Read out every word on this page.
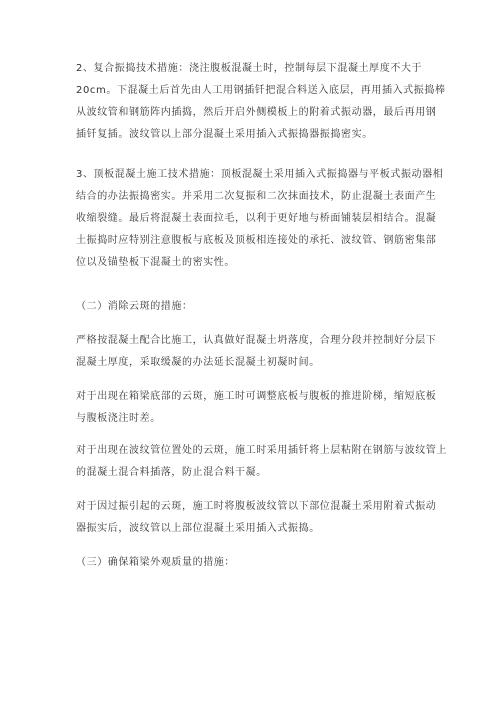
2、复合振捣技术措施：浇注腹板混凝土时，控制每层下混凝土厚度不大于
20cm。下混凝土后首先由人工用钢插钎把混合料送入底层，再用插入式振捣棒
从波纹管和钢筋阵内插捣，然后开启外侧模板上的附着式振动器，最后再用钢
插钎复插。波纹管以上部分混凝土采用插入式振捣器振捣密实。
3、顶板混凝土施工技术措施：顶板混凝土采用插入式振捣器与平板式振动器相
结合的办法振捣密实。并采用二次复振和二次抹面技术，防止混凝土表面产生
收缩裂缝。最后将混凝土表面拉毛，以利于更好地与桥面铺装层相结合。混凝
土振捣时应特别注意腹板与底板及顶板相连接处的承托、波纹管、钢筋密集部
位以及锚垫板下混凝土的密实性。
（二）消除云斑的措施：
严格按混凝土配合比施工，认真做好混凝土坍落度，合理分段并控制好分层下
混凝土厚度，采取缓凝的办法延长混凝土初凝时间。
对于出现在箱梁底部的云斑，施工时可调整底板与腹板的推进阶梯，缩短底板
与腹板浇注时差。
对于出现在波纹管位置处的云斑，施工时采用插钎将上层粘附在钢筋与波纹管上
的混凝土混合料插落，防止混合料干凝。
对于因过振引起的云斑，施工时将腹板波纹管以下部位混凝土采用附着式振动
器振实后，波纹管以上部位混凝土采用插入式振捣。
（三）确保箱梁外观质量的措施：
